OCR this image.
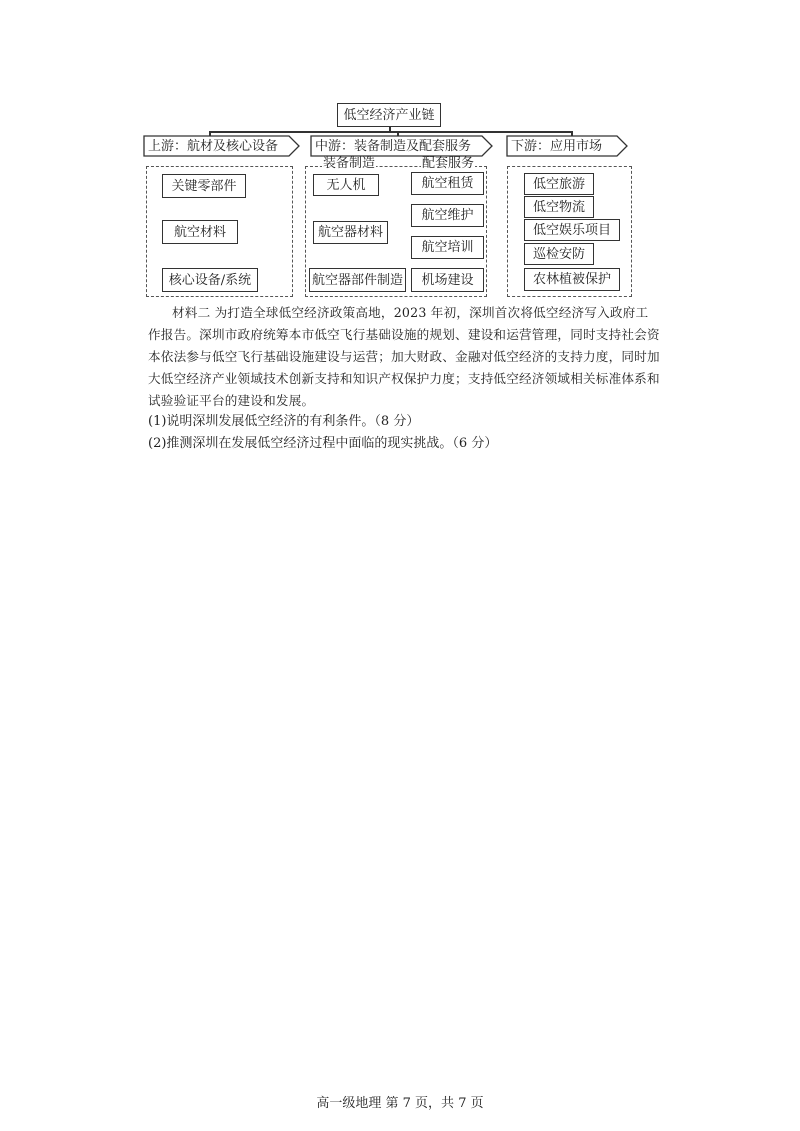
低空经济产业链
上游：航材及核心设备	中游：装备制造及配套服务	下游：应用市场
装备制造	配套服务
关键零部件
航空材料
核心设备/系统
无人机
航空器材料
航空器部件制造
航空租赁
航空维护
航空培训
机场建设
低空旅游
低空物流
低空娱乐项目
巡检安防
农林植被保护
材料二 为打造全球低空经济政策高地，2023 年初，深圳首次将低空经济写入政府工
作报告。深圳市政府统筹本市低空飞行基础设施的规划、建设和运营管理，同时支持社会资
本依法参与低空飞行基础设施建设与运营；加大财政、金融对低空经济的支持力度，同时加
大低空经济产业领域技术创新支持和知识产权保护力度；支持低空经济领域相关标准体系和
试验验证平台的建设和发展。
(1)说明深圳发展低空经济的有利条件。（8 分）
(2)推测深圳在发展低空经济过程中面临的现实挑战。（6 分）
高一级地理 第 7 页，共 7 页
